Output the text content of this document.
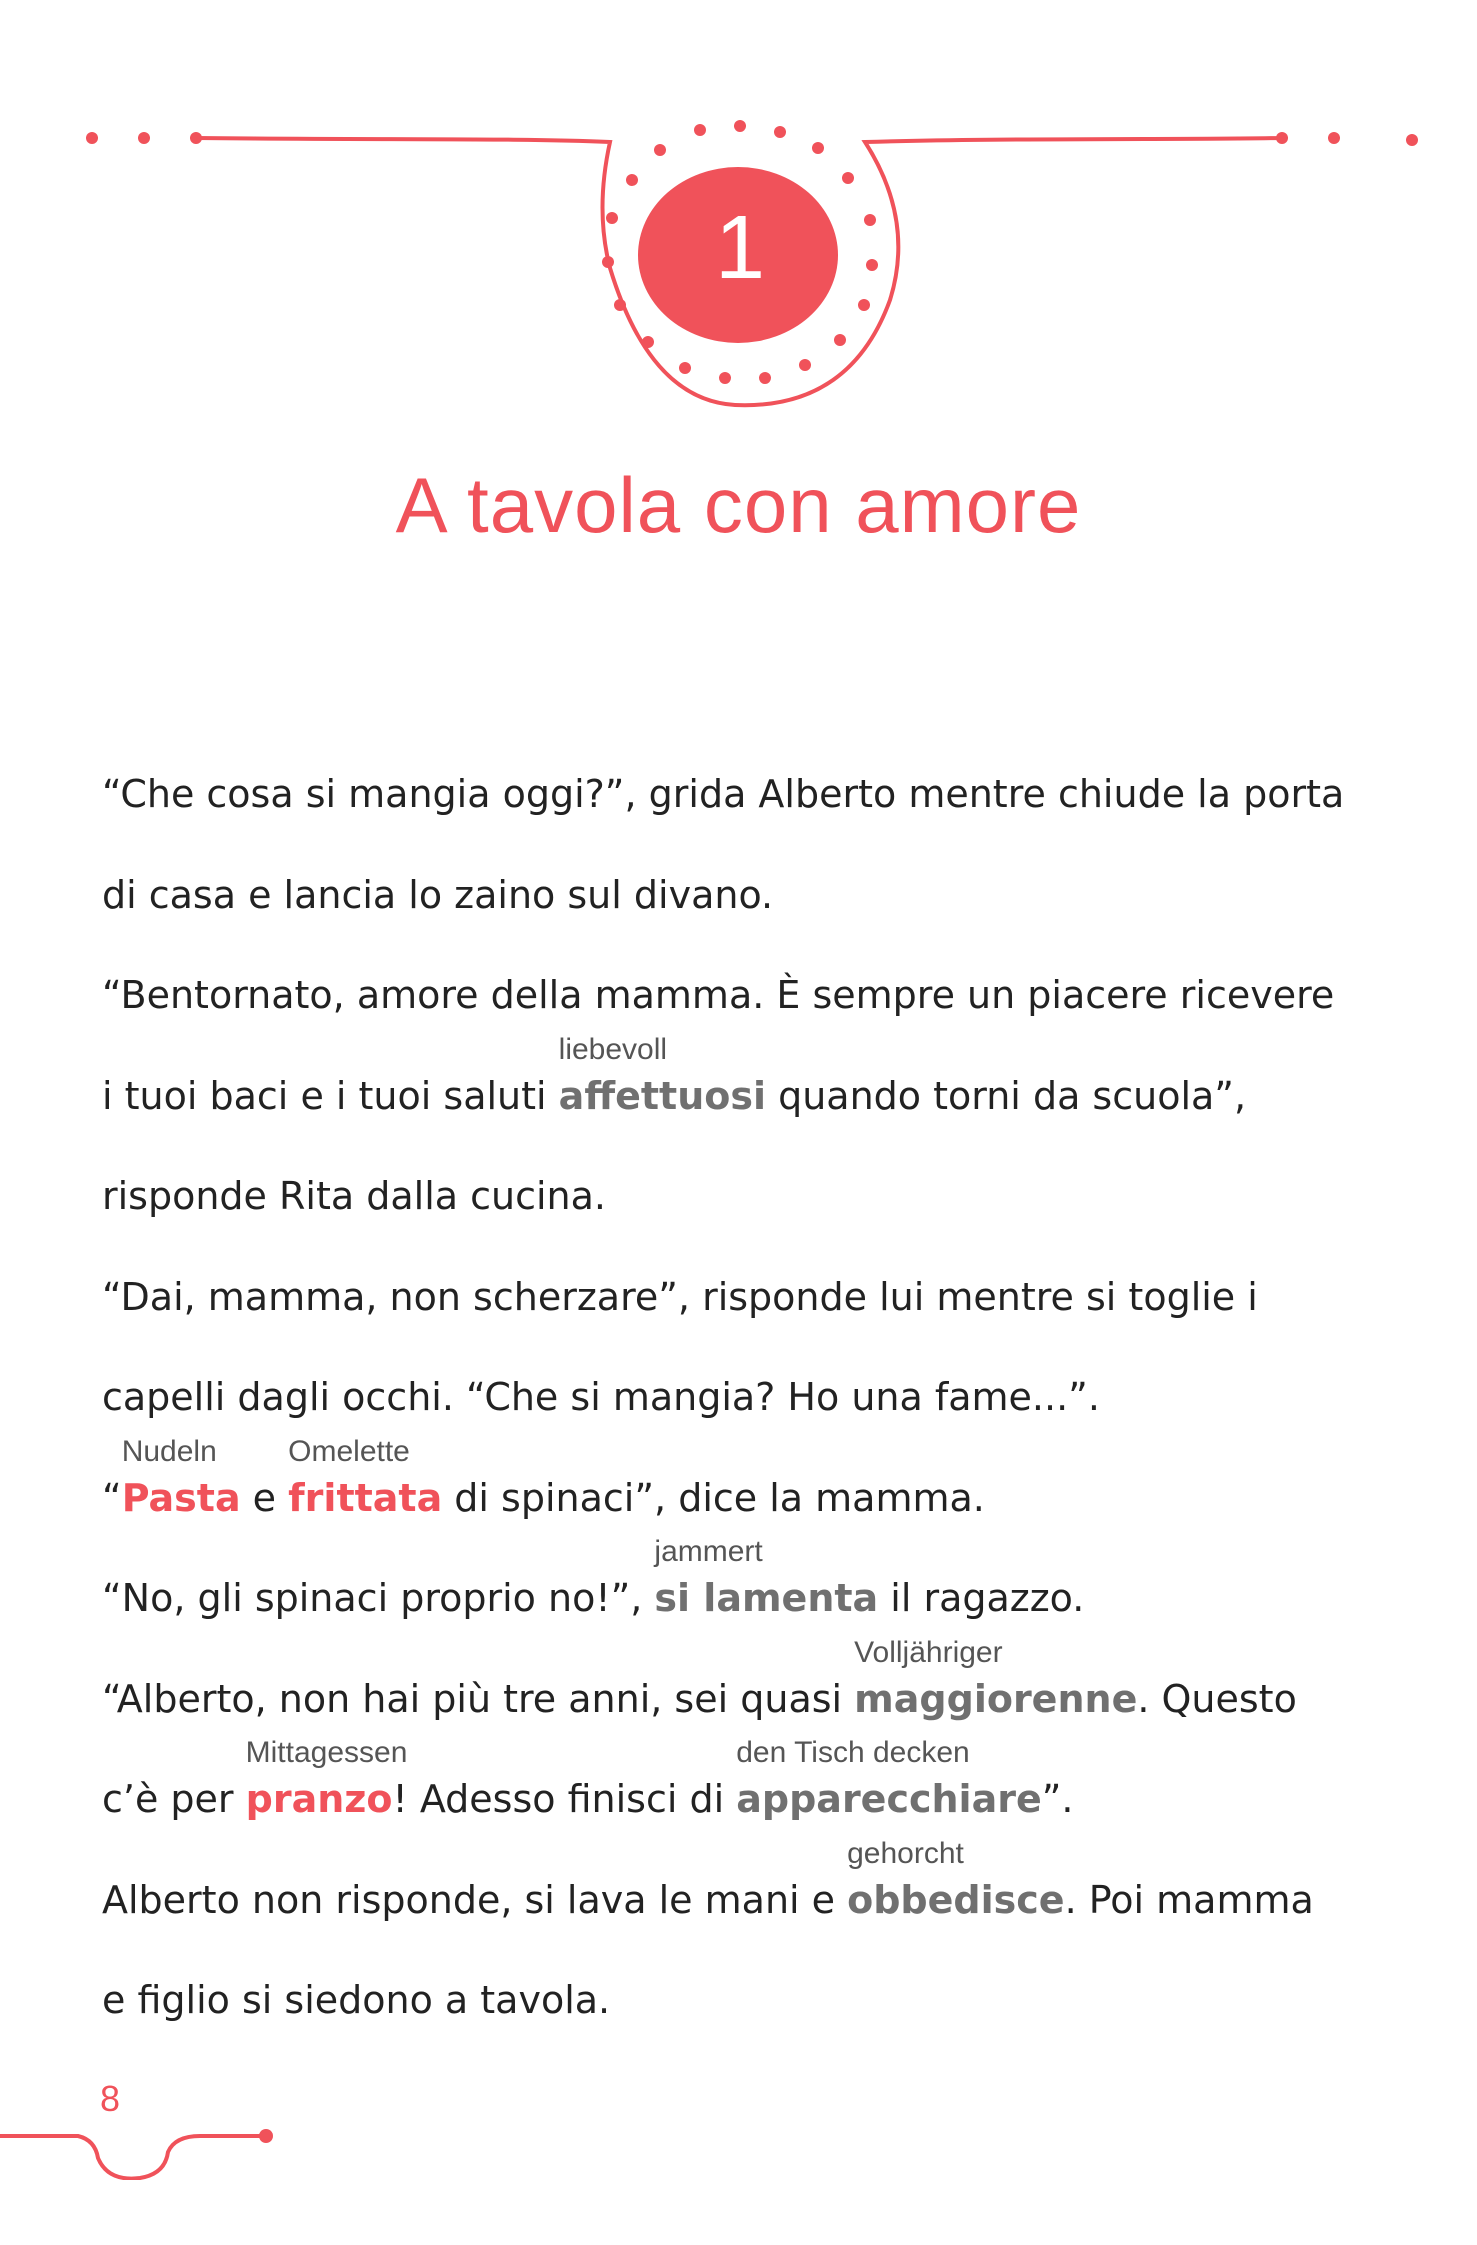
1
A tavola con amore
“Che cosa si mangia oggi?”, grida Alberto mentre chiude la porta
di casa e lancia lo zaino sul divano.
“Bentornato, amore della mamma. È sempre un piacere ricevere
i tuoi baci e i tuoi saluti
liebevoll
affettuosi quando torni da scuola”,
risponde Rita dalla cucina.
“Dai, mamma, non scherzare”, risponde lui mentre si toglie i
capelli dagli occhi. “Che si mangia? Ho una fame...”.
“
Nudeln
Pasta e
Omelette
frittata di spinaci”, dice la mamma.
“No, gli spinaci proprio no!”,
jammert
si lamenta il ragazzo.
“Alberto, non hai più tre anni, sei quasi
Volljähriger
maggiorenne. Questo
c’è per
Mittagessen
pranzo! Adesso finisci di
den Tisch decken
apparecchiare”.
Alberto non risponde, si lava le mani e
gehorcht
obbedisce. Poi mamma
e figlio si siedono a tavola.
8
